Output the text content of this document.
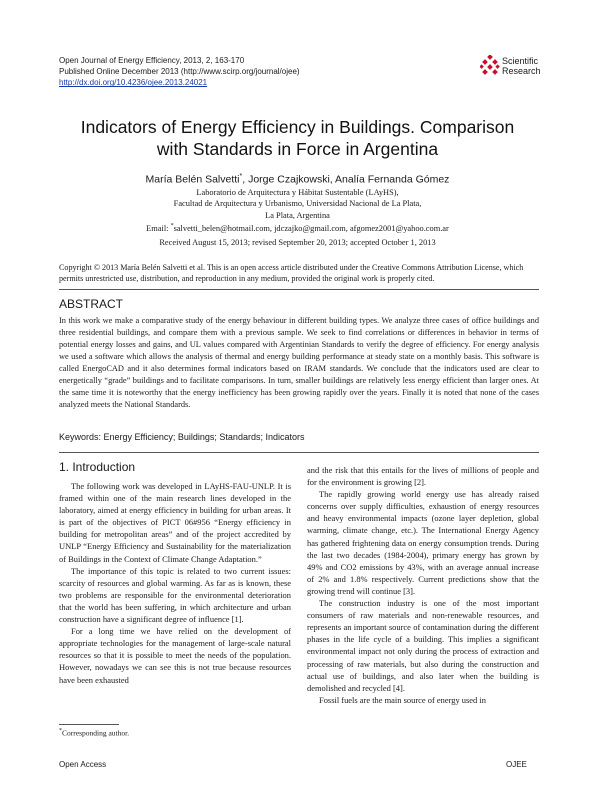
Open Journal of Energy Efficiency, 2013, 2, 163-170
Published Online December 2013 (http://www.scirp.org/journal/ojee)
http://dx.doi.org/10.4236/ojee.2013.24021
Scientific
Research
Indicators of Energy Efficiency in Buildings. Comparison
with Standards in Force in Argentina
María Belén Salvetti*, Jorge Czajkowski, Analía Fernanda Gómez
Laboratorio de Arquitectura y Hábitat Sustentable (LAyHS),
Facultad de Arquitectura y Urbanismo, Universidad Nacional de La Plata,
La Plata, Argentina
Email: *salvetti_belen@hotmail.com, jdczajko@gmail.com, afgomez2001@yahoo.com.ar
Received August 15, 2013; revised September 20, 2013; accepted October 1, 2013
Copyright © 2013 María Belén Salvetti et al. This is an open access article distributed under the Creative Commons Attribution License, which permits unrestricted use, distribution, and reproduction in any medium, provided the original work is properly cited.
ABSTRACT
In this work we make a comparative study of the energy behaviour in different building types. We analyze three cases of office buildings and three residential buildings, and compare them with a previous sample. We seek to find correlations or differences in behavior in terms of potential energy losses and gains, and UL values compared with Argentinian Standards to verify the degree of efficiency. For energy analysis we used a software which allows the analysis of thermal and energy building performance at steady state on a monthly basis. This software is called EnergoCAD and it also determines formal indicators based on IRAM standards. We conclude that the indicators used are clear to energetically “grade” buildings and to facilitate comparisons. In turn, smaller buildings are relatively less energy efficient than larger ones. At the same time it is noteworthy that the energy inefficiency has been growing rapidly over the years. Finally it is noted that none of the cases analyzed meets the National Standards.
Keywords: Energy Efficiency; Buildings; Standards; Indicators
1. Introduction

The following work was developed in LAyHS-FAU-UNLP. It is framed within one of the main research lines developed in the laboratory, aimed at energy efficiency in building for urban areas. It is part of the objectives of PICT 06#956 “Energy efficiency in building for metropolitan areas” and of the project accredited by UNLP “Energy Efficiency and Sustainability for the materialization of Buildings in the Context of Climate Change Adaptation.”

The importance of this topic is related to two current issues: scarcity of resources and global warming. As far as is known, these two problems are responsible for the environmental deterioration that the world has been suffering, in which architecture and urban construction have a significant degree of influence [1].

For a long time we have relied on the development of appropriate technologies for the management of large-scale natural resources so that it is possible to meet the needs of the population. However, nowadays we can see this is not true because resources have been exhausted

and the risk that this entails for the lives of millions of people and for the environment is growing [2].

The rapidly growing world energy use has already raised concerns over supply difficulties, exhaustion of energy resources and heavy environmental impacts (ozone layer depletion, global warming, climate change, etc.). The International Energy Agency has gathered frightening data on energy consumption trends. During the last two decades (1984-2004), primary energy has grown by 49% and CO2 emissions by 43%, with an average annual increase of 2% and 1.8% respectively. Current predictions show that the growing trend will continue [3].

The construction industry is one of the most important consumers of raw materials and non-renewable resources, and represents an important source of contamination during the different phases in the life cycle of a building. This implies a significant environmental impact not only during the process of extraction and processing of raw materials, but also during the construction and actual use of buildings, and also later when the building is demolished and recycled [4].

Fossil fuels are the main source of energy used in

*Corresponding author.
Open Access	OJEE
